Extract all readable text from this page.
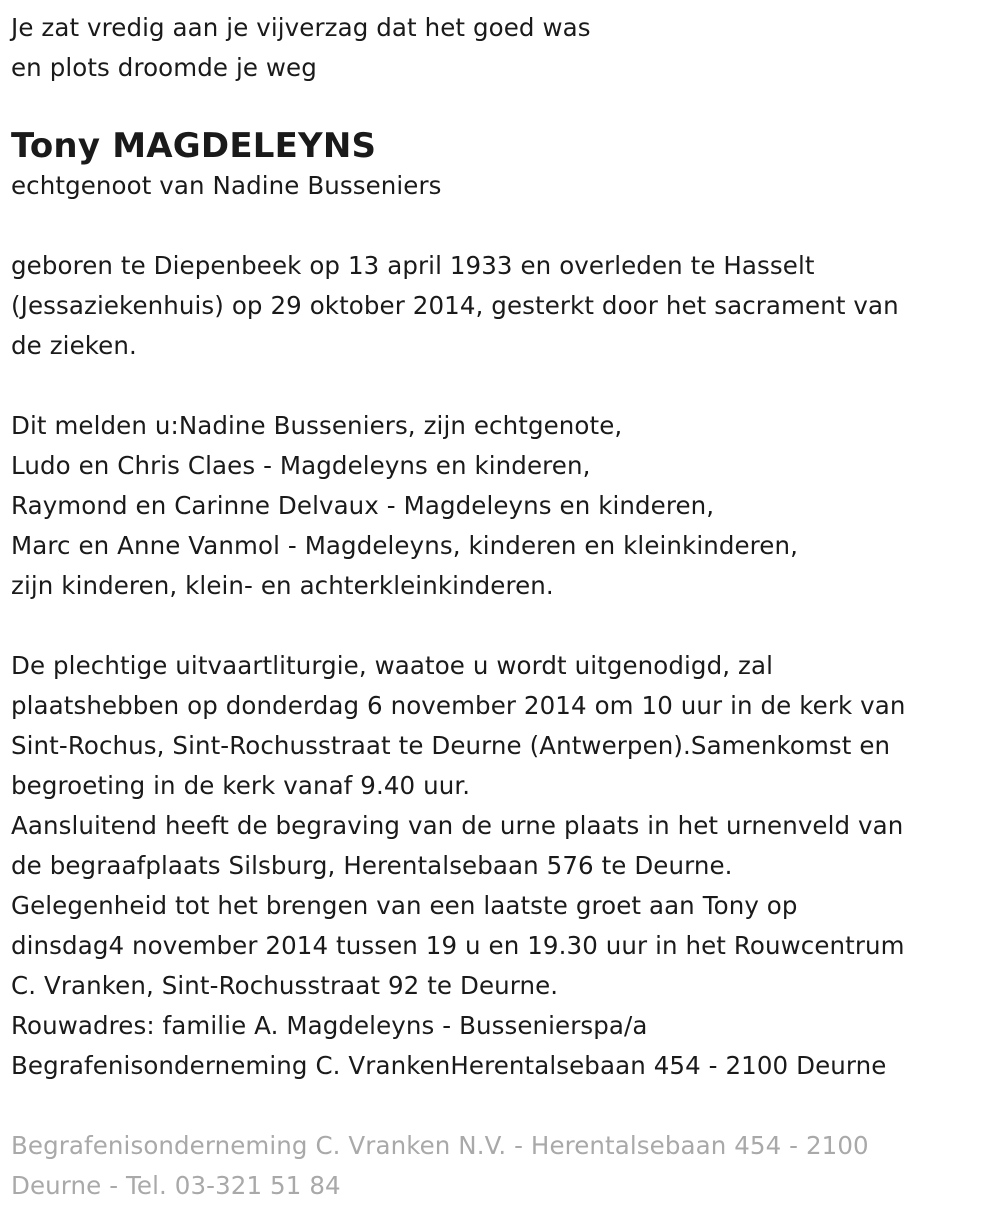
Je zat vredig aan je vijverzag dat het goed was
en plots droomde je weg
Tony MAGDELEYNS
echtgenoot van Nadine Busseniers
geboren te Diepenbeek op 13 april 1933 en overleden te Hasselt
(Jessaziekenhuis) op 29 oktober 2014, gesterkt door het sacrament van
de zieken.
Dit melden u:Nadine Busseniers, zijn echtgenote,
Ludo en Chris Claes - Magdeleyns en kinderen,
Raymond en Carinne Delvaux - Magdeleyns en kinderen,
Marc en Anne Vanmol - Magdeleyns, kinderen en kleinkinderen,
zijn kinderen, klein- en achterkleinkinderen.
De plechtige uitvaartliturgie, waatoe u wordt uitgenodigd, zal
plaatshebben op donderdag 6 november 2014 om 10 uur in de kerk van
Sint-Rochus, Sint-Rochusstraat te Deurne (Antwerpen).Samenkomst en
begroeting in de kerk vanaf 9.40 uur.
Aansluitend heeft de begraving van de urne plaats in het urnenveld van
de begraafplaats Silsburg, Herentalsebaan 576 te Deurne.
Gelegenheid tot het brengen van een laatste groet aan Tony op
dinsdag4 november 2014 tussen 19 u en 19.30 uur in het Rouwcentrum
C. Vranken, Sint-Rochusstraat 92 te Deurne.
Rouwadres: familie A. Magdeleyns - Bussenierspa/a
Begrafenisonderneming C. VrankenHerentalsebaan 454 - 2100 Deurne
Begrafenisonderneming C. Vranken N.V. - Herentalsebaan 454 - 2100
Deurne - Tel. 03-321 51 84
